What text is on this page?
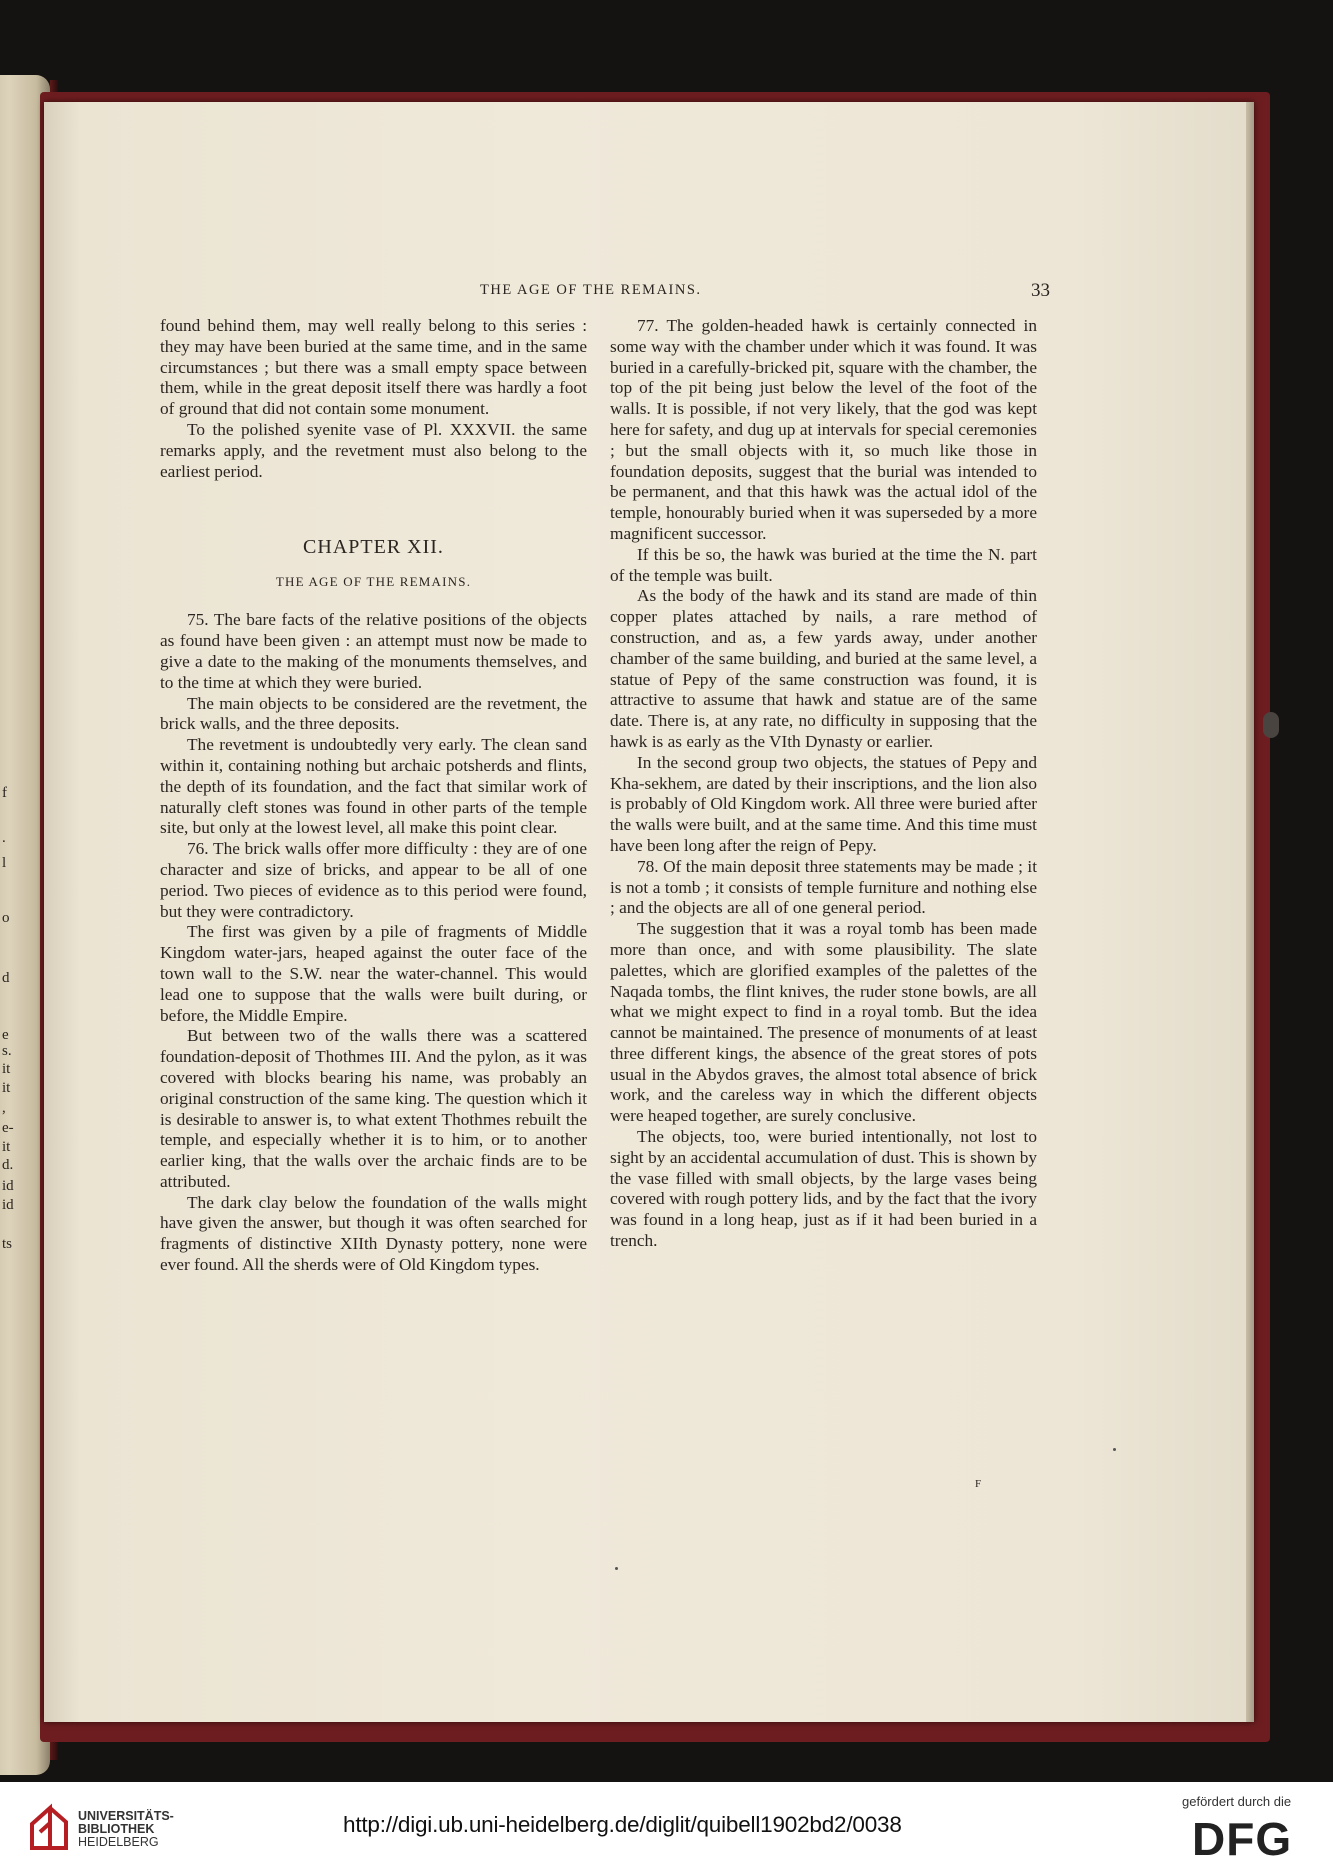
f
.
l
o
d
e
s.
it
it
,
e-
it
d.
id
id
ts
THE AGE OF THE REMAINS.	33

found behind them, may well really belong to this series : they may have been buried at the same time, and in the same circumstances ; but there was a small empty space between them, while in the great deposit itself there was hardly a foot of ground that did not contain some monument.

To the polished syenite vase of Pl. XXXVII. the same remarks apply, and the revetment must also belong to the earliest period.

CHAPTER XII.

THE AGE OF THE REMAINS.

75. The bare facts of the relative positions of the objects as found have been given : an attempt must now be made to give a date to the making of the monuments themselves, and to the time at which they were buried.

The main objects to be considered are the revetment, the brick walls, and the three deposits.

The revetment is undoubtedly very early. The clean sand within it, containing nothing but archaic potsherds and flints, the depth of its foundation, and the fact that similar work of naturally cleft stones was found in other parts of the temple site, but only at the lowest level, all make this point clear.

76. The brick walls offer more difficulty : they are of one character and size of bricks, and appear to be all of one period. Two pieces of evidence as to this period were found, but they were contradictory.

The first was given by a pile of fragments of Middle Kingdom water-jars, heaped against the outer face of the town wall to the S.W. near the water-channel. This would lead one to suppose that the walls were built during, or before, the Middle Empire.

But between two of the walls there was a scattered foundation-deposit of Thothmes III. And the pylon, as it was covered with blocks bearing his name, was probably an original construction of the same king. The question which it is desirable to answer is, to what extent Thothmes rebuilt the temple, and especially whether it is to him, or to another earlier king, that the walls over the archaic finds are to be attributed.

The dark clay below the foundation of the walls might have given the answer, but though it was often searched for fragments of distinctive XIIth Dynasty pottery, none were ever found. All the sherds were of Old Kingdom types.

77. The golden-headed hawk is certainly connected in some way with the chamber under which it was found. It was buried in a carefully-bricked pit, square with the chamber, the top of the pit being just below the level of the foot of the walls. It is possible, if not very likely, that the god was kept here for safety, and dug up at intervals for special ceremonies ; but the small objects with it, so much like those in foundation deposits, suggest that the burial was intended to be permanent, and that this hawk was the actual idol of the temple, honourably buried when it was superseded by a more magnificent successor.

If this be so, the hawk was buried at the time the N. part of the temple was built.

As the body of the hawk and its stand are made of thin copper plates attached by nails, a rare method of construction, and as, a few yards away, under another chamber of the same building, and buried at the same level, a statue of Pepy of the same construction was found, it is attractive to assume that hawk and statue are of the same date. There is, at any rate, no difficulty in supposing that the hawk is as early as the VIth Dynasty or earlier.

In the second group two objects, the statues of Pepy and Kha-sekhem, are dated by their inscriptions, and the lion also is probably of Old Kingdom work. All three were buried after the walls were built, and at the same time. And this time must have been long after the reign of Pepy.

78. Of the main deposit three statements may be made ; it is not a tomb ; it consists of temple furniture and nothing else ; and the objects are all of one general period.

The suggestion that it was a royal tomb has been made more than once, and with some plausibility. The slate palettes, which are glorified examples of the palettes of the Naqada tombs, the flint knives, the ruder stone bowls, are all what we might expect to find in a royal tomb. But the idea cannot be maintained. The presence of monuments of at least three different kings, the absence of the great stores of pots usual in the Abydos graves, the almost total absence of brick work, and the careless way in which the different objects were heaped together, are surely conclusive.

The objects, too, were buried intentionally, not lost to sight by an accidental accumulation of dust. This is shown by the vase filled with small objects, by the large vases being covered with rough pottery lids, and by the fact that the ivory was found in a long heap, just as if it had been buried in a trench.

F
UNIVERSITÄTS-
BIBLIOTHEK
HEIDELBERG
http://digi.ub.uni-heidelberg.de/diglit/quibell1902bd2/0038
gefördert durch die
DFG
